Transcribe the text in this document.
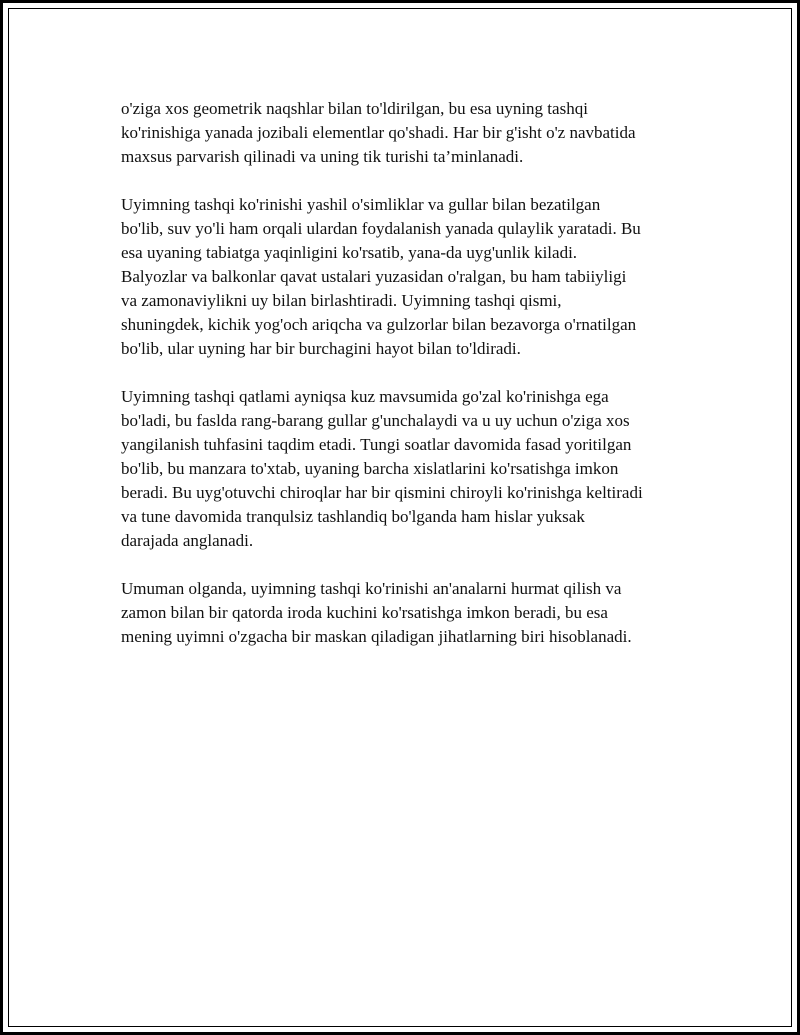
o'ziga xos geometrik naqshlar bilan to'ldirilgan, bu esa uyning tashqi
ko'rinishiga yanada jozibali elementlar qo'shadi. Har bir g'isht o'z navbatida
maxsus parvarish qilinadi va uning tik turishi ta’minlanadi.

Uyimning tashqi ko'rinishi yashil o'simliklar va gullar bilan bezatilgan
bo'lib, suv yo'li ham orqali ulardan foydalanish yanada qulaylik yaratadi. Bu
esa uyaning tabiatga yaqinligini ko'rsatib, yana-da uyg'unlik kiladi.
Balyozlar va balkonlar qavat ustalari yuzasidan o'ralgan, bu ham tabiiyligi
va zamonaviylikni uy bilan birlashtiradi. Uyimning tashqi qismi,
shuningdek, kichik yog'och ariqcha va gulzorlar bilan bezavorga o'rnatilgan
bo'lib, ular uyning har bir burchagini hayot bilan to'ldiradi.

Uyimning tashqi qatlami ayniqsa kuz mavsumida go'zal ko'rinishga ega
bo'ladi, bu faslda rang-barang gullar g'unchalaydi va u uy uchun o'ziga xos
yangilanish tuhfasini taqdim etadi. Tungi soatlar davomida fasad yoritilgan
bo'lib, bu manzara to'xtab, uyaning barcha xislatlarini ko'rsatishga imkon
beradi. Bu uyg'otuvchi chiroqlar har bir qismini chiroyli ko'rinishga keltiradi
va tune davomida tranqulsiz tashlandiq bo'lganda ham hislar yuksak
darajada anglanadi.

Umuman olganda, uyimning tashqi ko'rinishi an'analarni hurmat qilish va
zamon bilan bir qatorda iroda kuchini ko'rsatishga imkon beradi, bu esa
mening uyimni o'zgacha bir maskan qiladigan jihatlarning biri hisoblanadi.
